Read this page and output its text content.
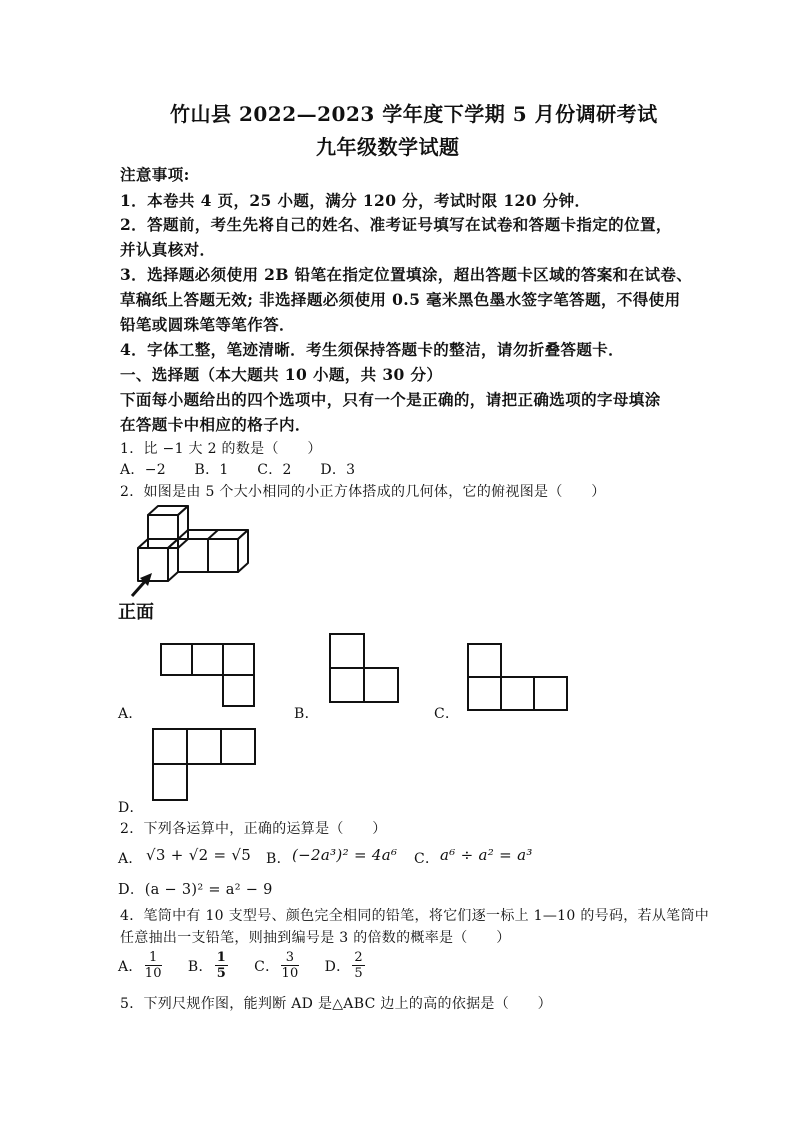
竹山县 2022—2023 学年度下学期 5 月份调研考试
九年级数学试题
注意事项:
1．本卷共 4 页，25 小题，满分 120 分，考试时限 120 分钟．
2．答题前，考生先将自己的姓名、准考证号填写在试卷和答题卡指定的位置，
并认真核对．
3．选择题必须使用 2B 铅笔在指定位置填涂，超出答题卡区域的答案和在试卷、
草稿纸上答题无效; 非选择题必须使用 0.5 毫米黑色墨水签字笔答题，不得使用
铅笔或圆珠笔等笔作答．
4．字体工整，笔迹清晰．考生须保持答题卡的整洁，请勿折叠答题卡．
一、选择题（本大题共 10 小题，共 30 分）
下面每小题给出的四个选项中，只有一个是正确的，请把正确选项的字母填涂
在答题卡中相应的格子内．
1．比 −1 大 2 的数是（　　）
A．−2　　B．1　　C．2　　D．3
2．如图是由 5 个大小相同的小正方体搭成的几何体，它的俯视图是（　　）
正面
A．	B．	C．
D．
2．下列各运算中，正确的运算是（　　）
A． √3 + √2 = √5 B． (−2a³)² = 4a⁶ C． a⁶ ÷ a² = a³
D．(a − 3)² = a² − 9
4．笔筒中有 10 支型号、颜色完全相同的铅笔，将它们逐一标上 1—10 的号码，若从笔筒中
任意抽出一支铅笔，则抽到编号是 3 的倍数的概率是（　　）
A． $\frac{1}{10}$ B． $\frac{1}{5}$ C． $\frac{3}{10}$ D． $\frac{2}{5}$
5．下列尺规作图，能判断 AD 是△ABC 边上的高的依据是（　　）
